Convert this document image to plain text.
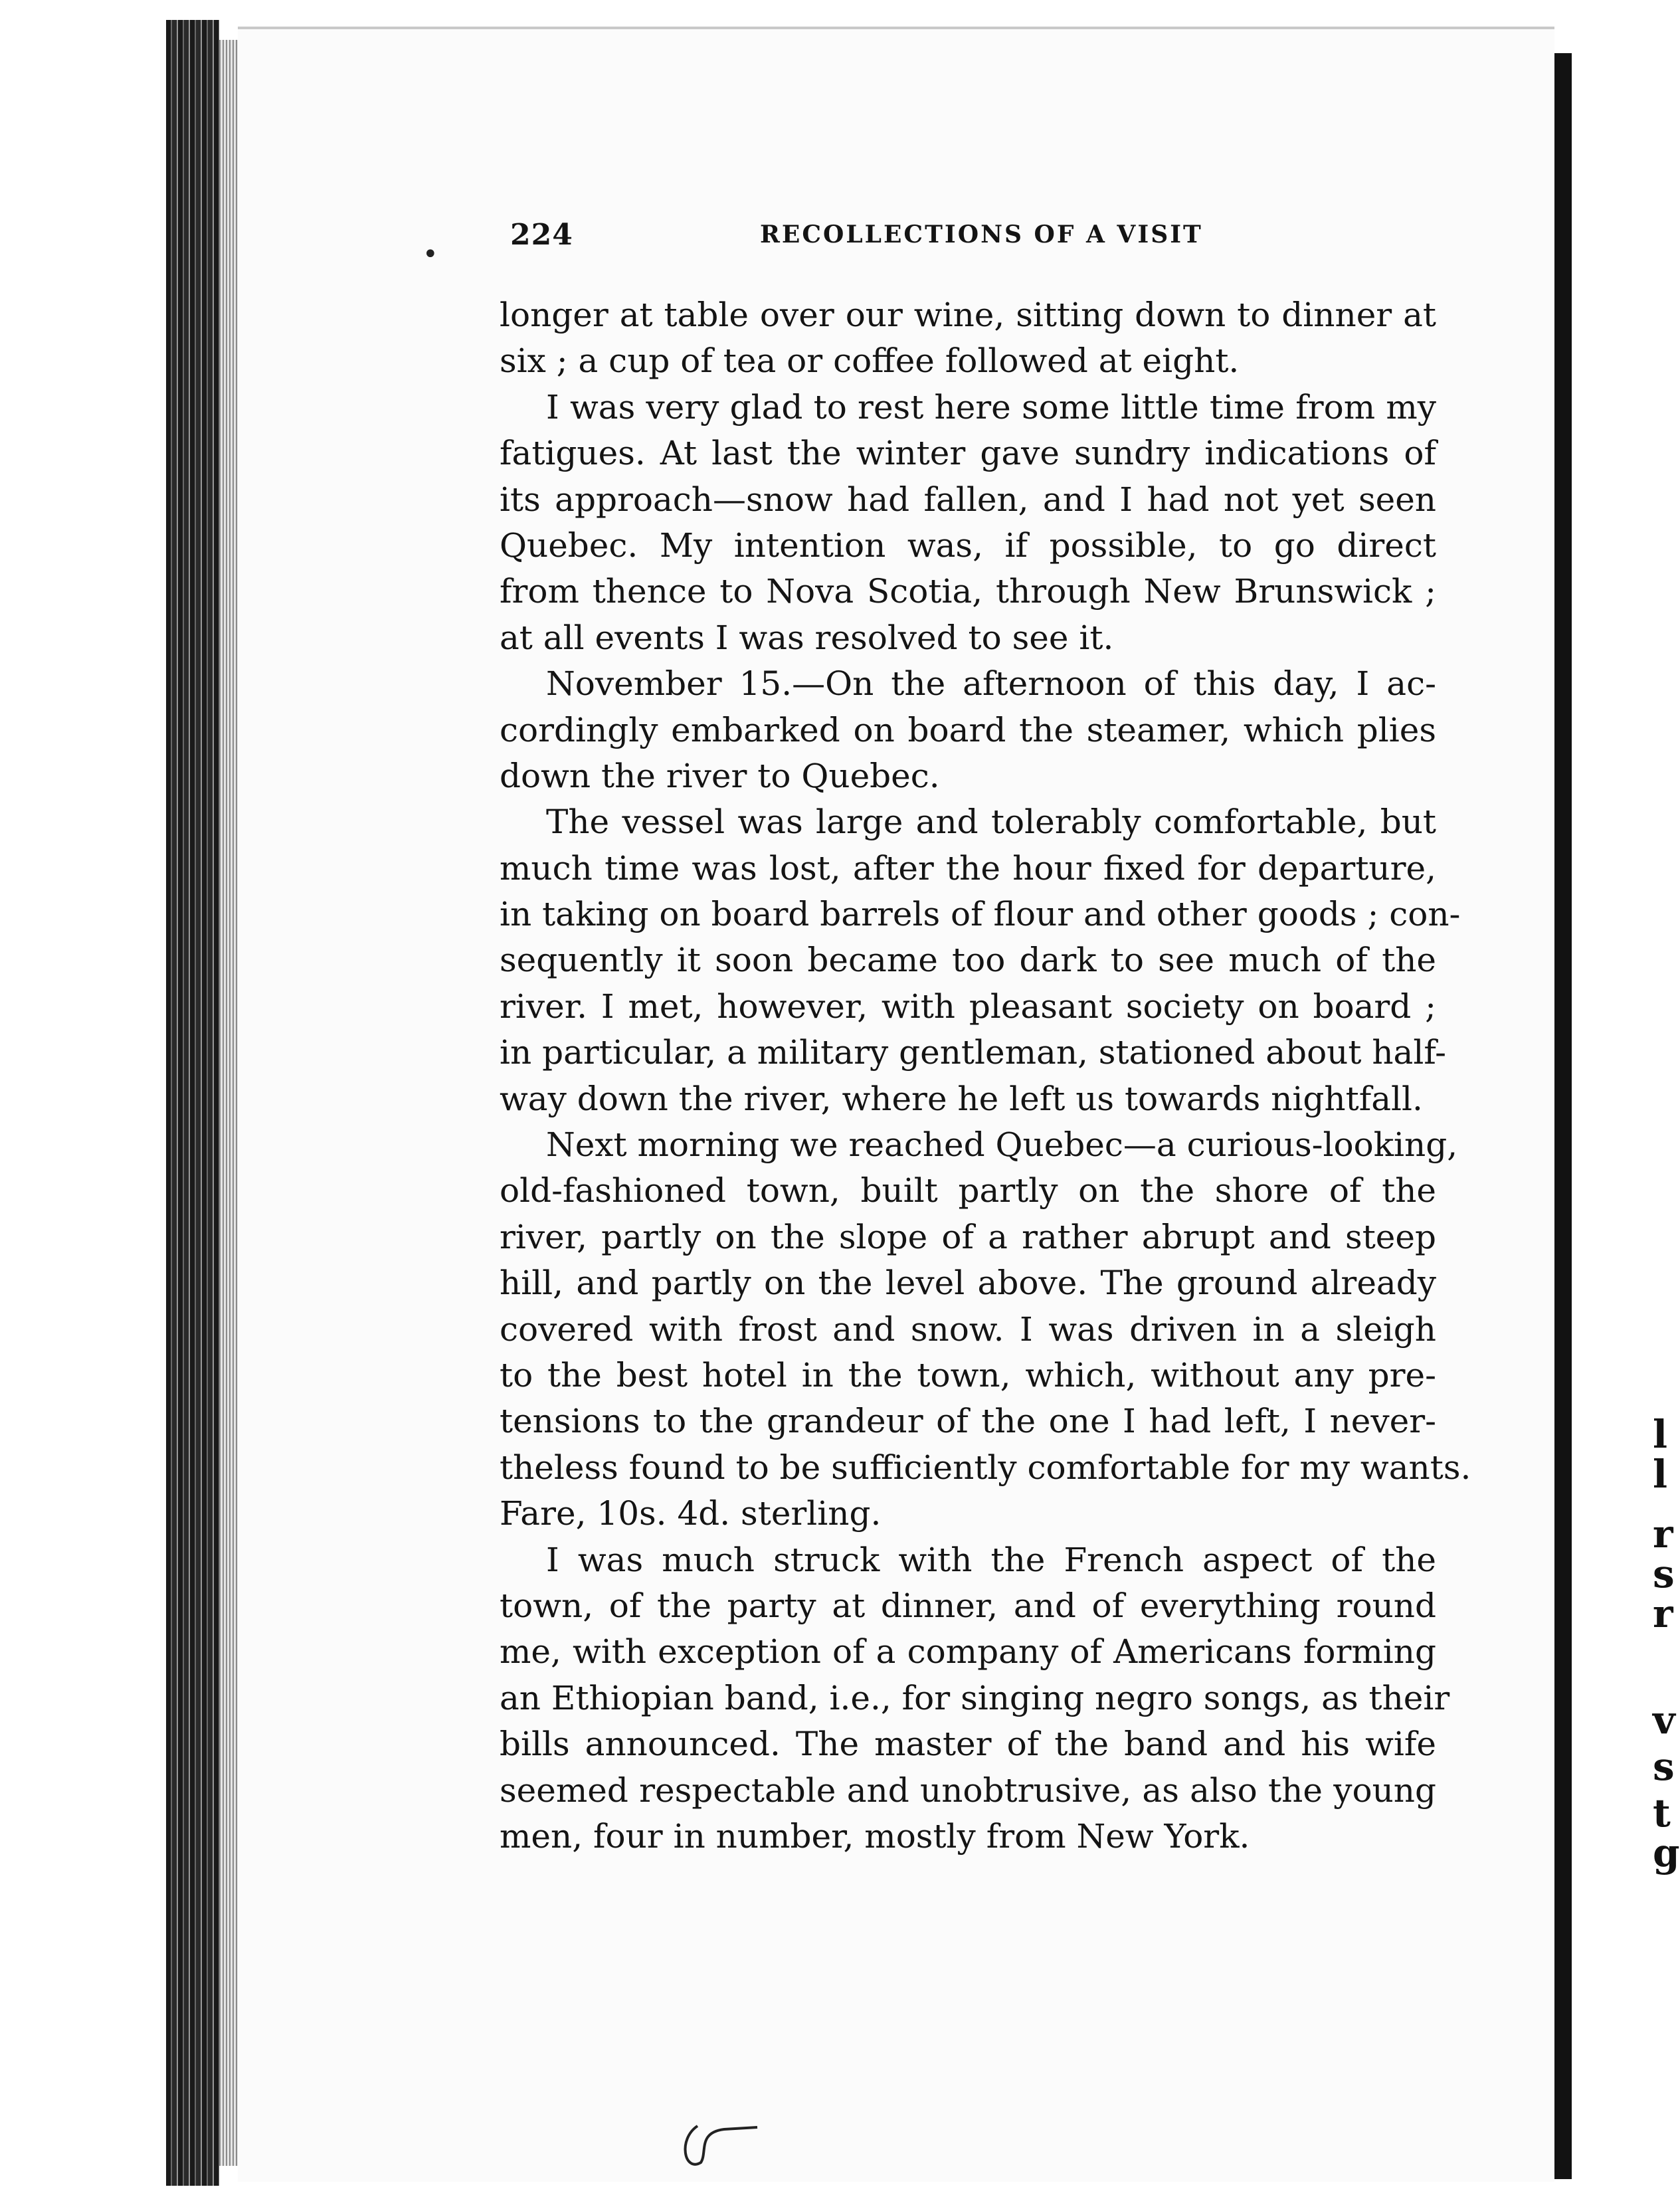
l
l
r
s
r
v
s
t
g
224	RECOLLECTIONS OF A VISIT
longer at table over our wine, sitting down to dinner at
six ; a cup of tea or coffee followed at eight.
I was very glad to rest here some little time from my
fatigues. At last the winter gave sundry indications of
its approach—snow had fallen, and I had not yet seen
Quebec. My intention was, if possible, to go direct
from thence to Nova Scotia, through New Brunswick ;
at all events I was resolved to see it.
November 15.—On the afternoon of this day, I ac-
cordingly embarked on board the steamer, which plies
down the river to Quebec.
The vessel was large and tolerably comfortable, but
much time was lost, after the hour fixed for departure,
in taking on board barrels of flour and other goods ; con-
sequently it soon became too dark to see much of the
river. I met, however, with pleasant society on board ;
in particular, a military gentleman, stationed about half-
way down the river, where he left us towards nightfall.
Next morning we reached Quebec—a curious-looking,
old-fashioned town, built partly on the shore of the
river, partly on the slope of a rather abrupt and steep
hill, and partly on the level above. The ground already
covered with frost and snow. I was driven in a sleigh
to the best hotel in the town, which, without any pre-
tensions to the grandeur of the one I had left, I never-
theless found to be sufficiently comfortable for my wants.
Fare, 10s. 4d. sterling.
I was much struck with the French aspect of the
town, of the party at dinner, and of everything round
me, with exception of a company of Americans forming
an Ethiopian band, i.e., for singing negro songs, as their
bills announced. The master of the band and his wife
seemed respectable and unobtrusive, as also the young
men, four in number, mostly from New York.
•
